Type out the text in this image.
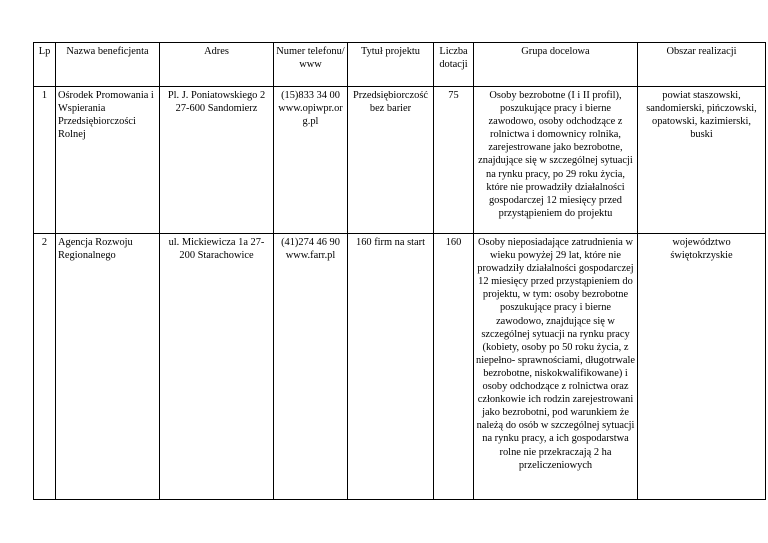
Lp	Nazwa beneficjenta	Adres	Numer telefonu/ www	Tytuł projektu	Liczba dotacji	Grupa docelowa	Obszar realizacji
1	Ośrodek Promowania i Wspierania Przedsiębiorczości Rolnej	Pl. J. Poniatowskiego 2 27-600 Sandomierz	(15)833 34 00 www.opiwpr.org.pl	Przedsiębiorczość bez barier	75	Osoby bezrobotne (I i II profil), poszukujące pracy i bierne zawodowo, osoby odchodzące z rolnictwa i domownicy rolnika, zarejestrowane jako bezrobotne, znajdujące się w szczególnej sytuacji na rynku pracy, po 29 roku życia, które nie prowadziły działalności gospodarczej 12 miesięcy przed przystąpieniem do projektu	powiat staszowski, sandomierski, pińczowski, opatowski, kazimierski, buski
2	Agencja Rozwoju Regionalnego	ul. Mickiewicza 1a 27-200 Starachowice	(41)274 46 90 www.farr.pl	160 firm na start	160	Osoby nieposiadające zatrudnienia w wieku powyżej 29 lat, które nie prowadziły działalności gospodarczej 12 miesięcy przed przystąpieniem do projektu, w tym: osoby bezrobotne poszukujące pracy i bierne zawodowo, znajdujące się w szczególnej sytuacji na rynku pracy (kobiety, osoby po 50 roku życia, z niepełno- sprawnościami, długotrwale bezrobotne, niskokwalifikowane) i osoby odchodzące z rolnictwa oraz członkowie ich rodzin zarejestrowani jako bezrobotni, pod warunkiem że należą do osób w szczególnej sytuacji na rynku pracy, a ich gospodarstwa rolne nie przekraczają 2 ha przeliczeniowych	województwo świętokrzyskie
